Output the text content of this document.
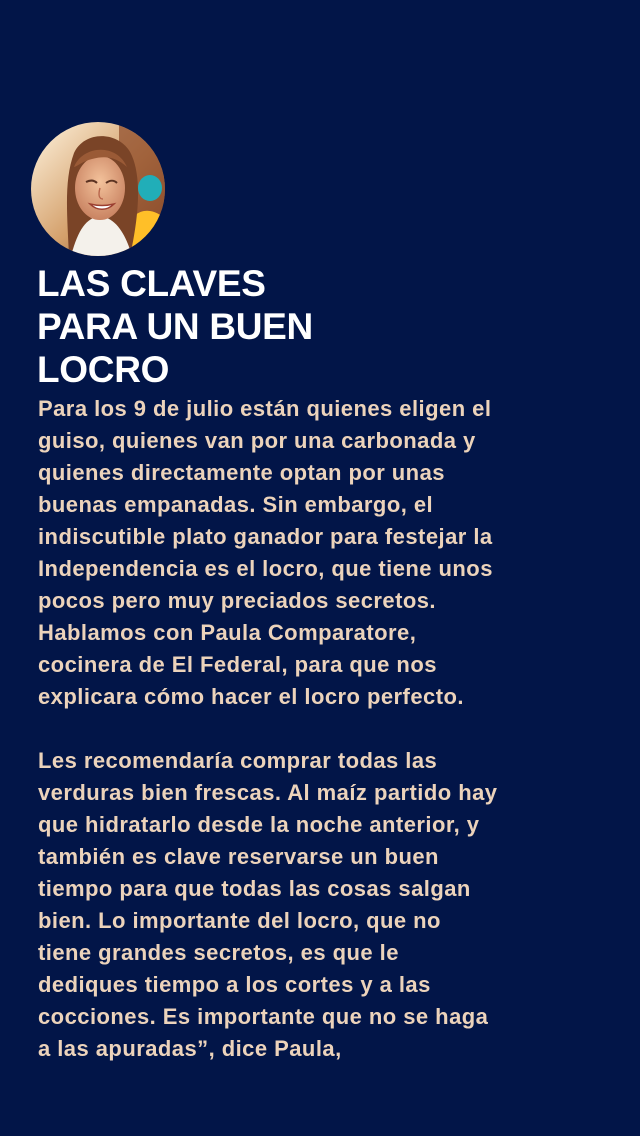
LAS CLAVES
PARA UN BUEN
LOCRO

Para los 9 de julio están quienes eligen el
guiso, quienes van por una carbonada y
quienes directamente optan por unas
buenas empanadas. Sin embargo, el
indiscutible plato ganador para festejar la
Independencia es el locro, que tiene unos
pocos pero muy preciados secretos.
Hablamos con Paula Comparatore,
cocinera de El Federal, para que nos
explicara cómo hacer el locro perfecto.

Les recomendaría comprar todas las
verduras bien frescas. Al maíz partido hay
que hidratarlo desde la noche anterior, y
también es clave reservarse un buen
tiempo para que todas las cosas salgan
bien. Lo importante del locro, que no
tiene grandes secretos, es que le
dediques tiempo a los cortes y a las
cocciones. Es importante que no se haga
a las apuradas”, dice Paula,
